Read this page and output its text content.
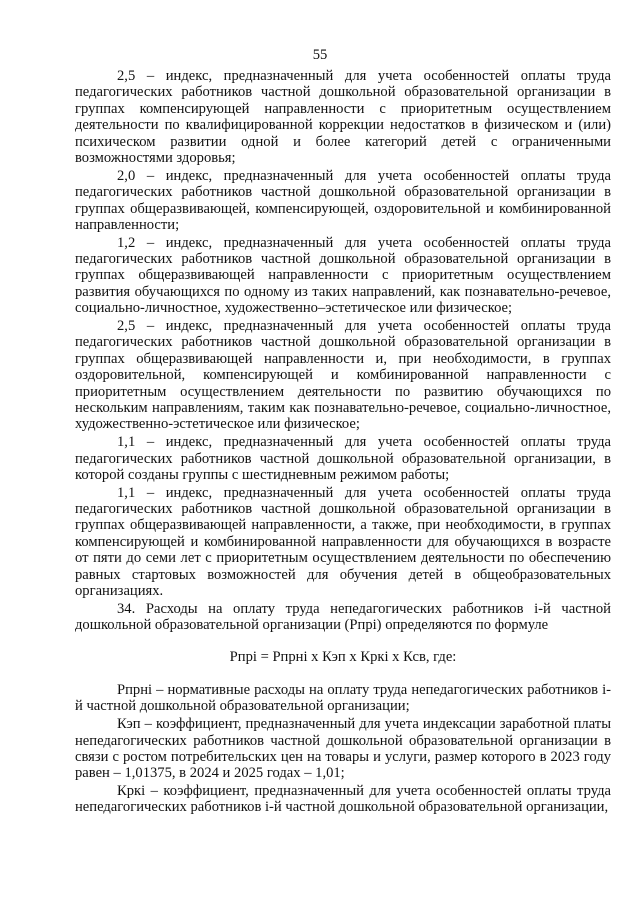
55

2,5 – индекс, предназначенный для учета особенностей оплаты труда педагогических работников частной дошкольной образовательной организации в группах компенсирующей направленности с приоритетным осуществлением деятельности по квалифицированной коррекции недостатков в физическом и (или) психическом развитии одной и более категорий детей с ограниченными возможностями здоровья;

2,0 – индекс, предназначенный для учета особенностей оплаты труда педагогических работников частной дошкольной образовательной организации в группах общеразвивающей, компенсирующей, оздоровительной и комбинированной направленности;

1,2 – индекс, предназначенный для учета особенностей оплаты труда педагогических работников частной дошкольной образовательной организации в группах общеразвивающей направленности с приоритетным осуществлением развития обучающихся по одному из таких направлений, как познавательно-речевое, социально-личностное, художественно–эстетическое или физическое;

2,5 – индекс, предназначенный для учета особенностей оплаты труда педагогических работников частной дошкольной образовательной организации в группах общеразвивающей направленности и, при необходимости, в группах оздоровительной, компенсирующей и комбинированной направленности с приоритетным осуществлением деятельности по развитию обучающихся по нескольким направлениям, таким как познавательно-речевое, социально-личностное, художественно-эстетическое или физическое;

1,1 – индекс, предназначенный для учета особенностей оплаты труда педагогических работников частной дошкольной образовательной организации, в которой созданы группы с шестидневным режимом работы;

1,1 – индекс, предназначенный для учета особенностей оплаты труда педагогических работников частной дошкольной образовательной организации в группах общеразвивающей направленности, а также, при необходимости, в группах компенсирующей и комбинированной направленности для обучающихся в возрасте от пяти до семи лет с приоритетным осуществлением деятельности по обеспечению равных стартовых возможностей для обучения детей в общеобразовательных организациях.

34. Расходы на оплату труда непедагогических работников i-й частной дошкольной образовательной организации (Рпрi) определяются по формуле

Рпрi = Рпрнi х Кэп х Кркi х Ксв, где:

Рпрнi – нормативные расходы на оплату труда непедагогических работников i-й частной дошкольной образовательной организации;

Кэп – коэффициент, предназначенный для учета индексации заработной платы непедагогических работников частной дошкольной образовательной организации в связи с ростом потребительских цен на товары и услуги, размер которого в 2023 году равен – 1,01375, в 2024 и 2025 годах – 1,01;

Кркi – коэффициент, предназначенный для учета особенностей оплаты труда непедагогических работников i-й частной дошкольной образовательной организации,
